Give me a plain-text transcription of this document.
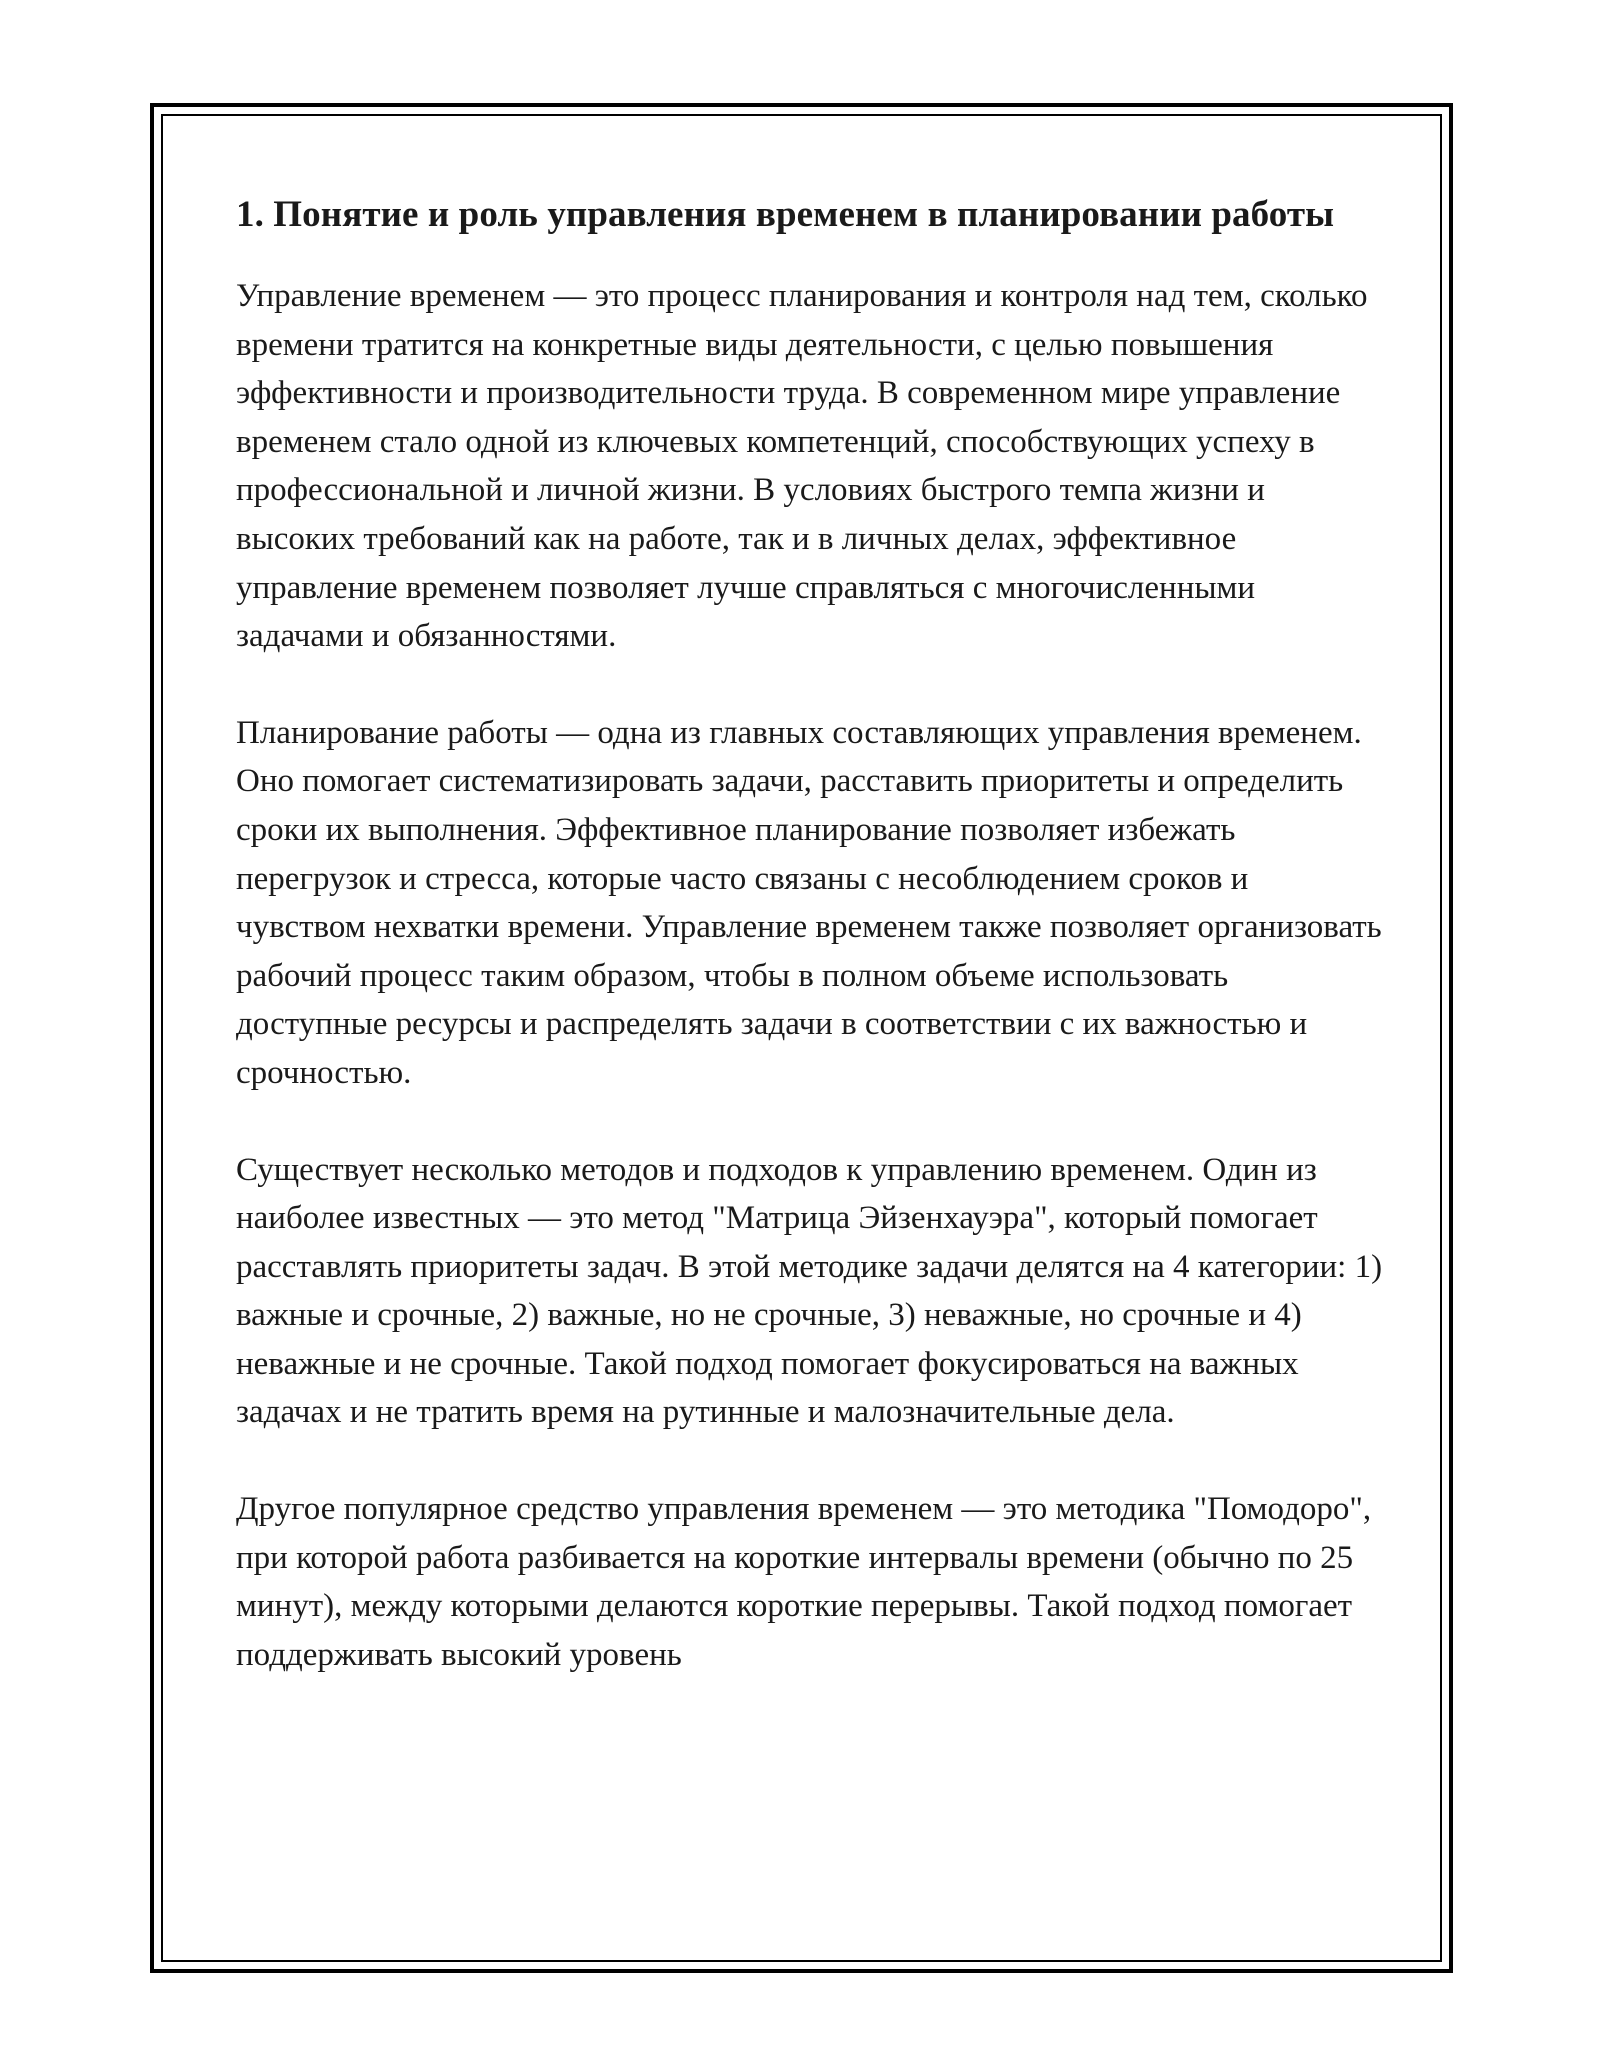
1. Понятие и роль управления временем в планировании работы

Управление временем — это процесс планирования и контроля над тем, сколько времени тратится на конкретные виды деятельности, с целью повышения эффективности и производительности труда. В современном мире управление временем стало одной из ключевых компетенций, способствующих успеху в профессиональной и личной жизни. В условиях быстрого темпа жизни и высоких требований как на работе, так и в личных делах, эффективное управление временем позволяет лучше справляться с многочисленными задачами и обязанностями.

Планирование работы — одна из главных составляющих управления временем. Оно помогает систематизировать задачи, расставить приоритеты и определить сроки их выполнения. Эффективное планирование позволяет избежать перегрузок и стресса, которые часто связаны с несоблюдением сроков и чувством нехватки времени. Управление временем также позволяет организовать рабочий процесс таким образом, чтобы в полном объеме использовать доступные ресурсы и распределять задачи в соответствии с их важностью и срочностью.

Существует несколько методов и подходов к управлению временем. Один из наиболее известных — это метод "Матрица Эйзенхауэра", который помогает расставлять приоритеты задач. В этой методике задачи делятся на 4 категории: 1) важные и срочные, 2) важные, но не срочные, 3) неважные, но срочные и 4) неважные и не срочные. Такой подход помогает фокусироваться на важных задачах и не тратить время на рутинные и малозначительные дела.

Другое популярное средство управления временем — это методика "Помодоро", при которой работа разбивается на короткие интервалы времени (обычно по 25 минут), между которыми делаются короткие перерывы. Такой подход помогает поддерживать высокий уровень
